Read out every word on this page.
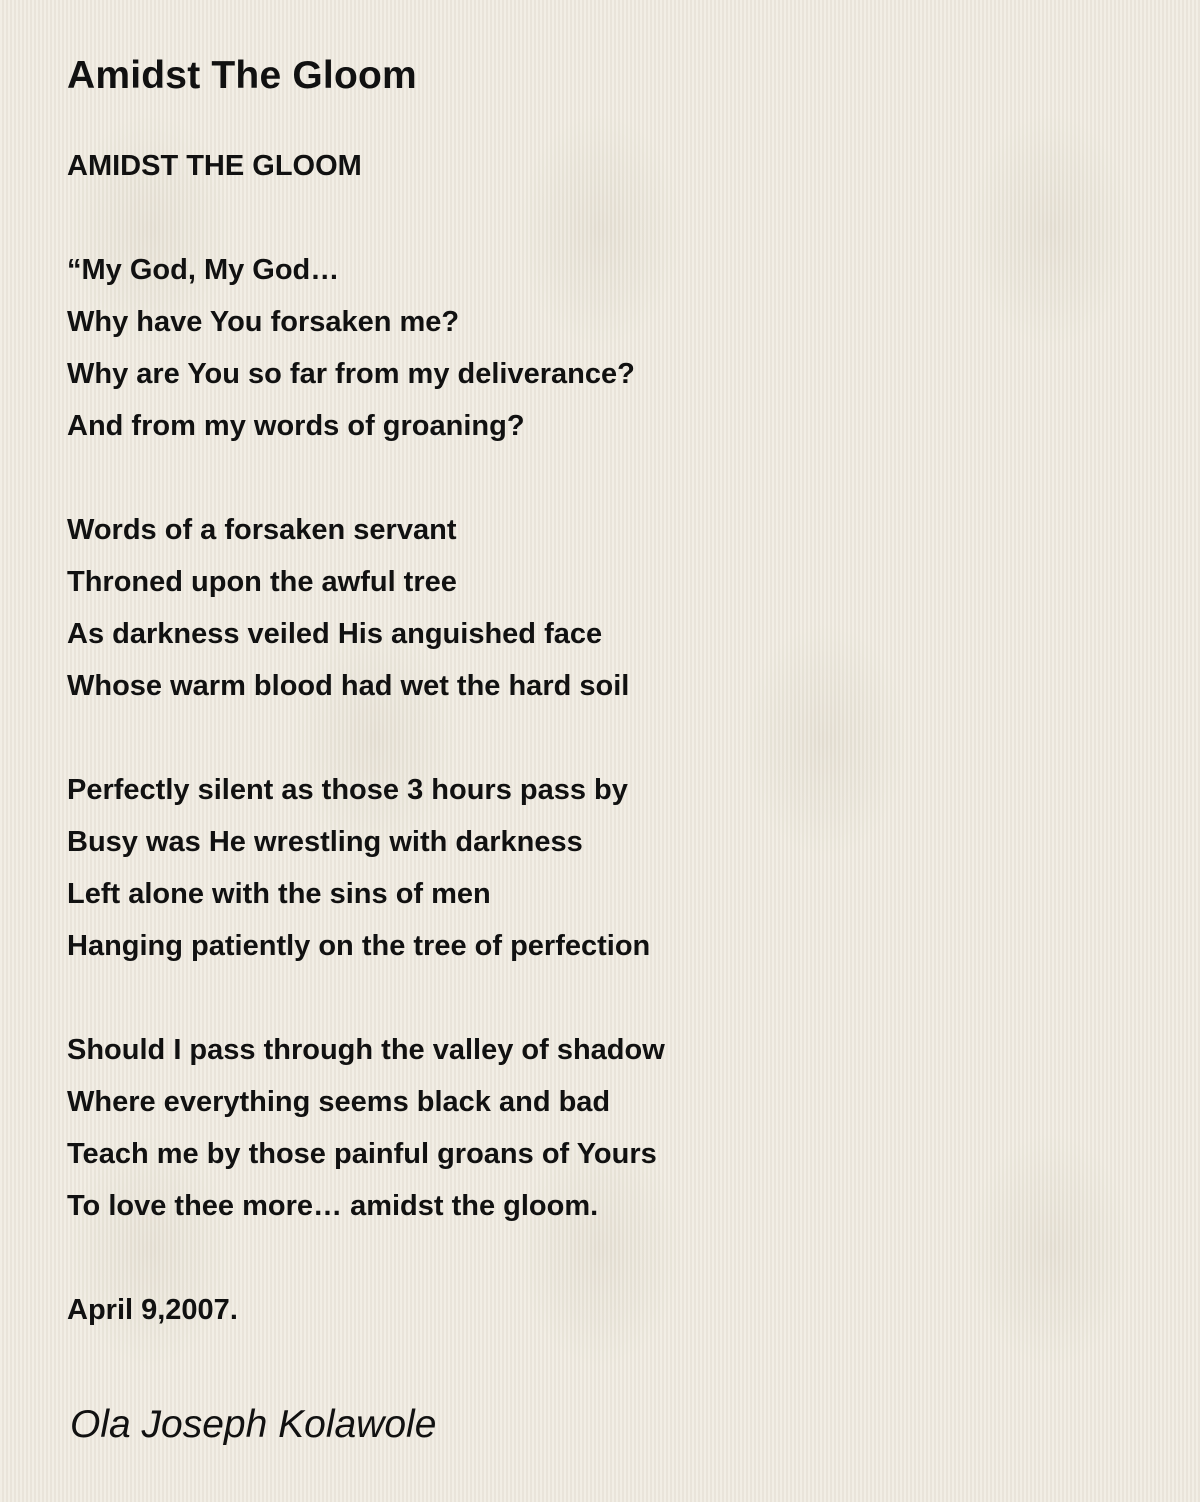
Amidst The Gloom
AMIDST THE GLOOM
“My God, My God…
Why have You forsaken me?
Why are You so far from my deliverance?
And from my words of groaning?
Words of a forsaken servant
Throned upon the awful tree
As darkness veiled His anguished face
Whose warm blood had wet the hard soil
Perfectly silent as those 3 hours pass by
Busy was He wrestling with darkness
Left alone with the sins of men
Hanging patiently on the tree of perfection
Should I pass through the valley of shadow
Where everything seems black and bad
Teach me by those painful groans of Yours
To love thee more… amidst the gloom.
April 9,2007.
Ola Joseph Kolawole
